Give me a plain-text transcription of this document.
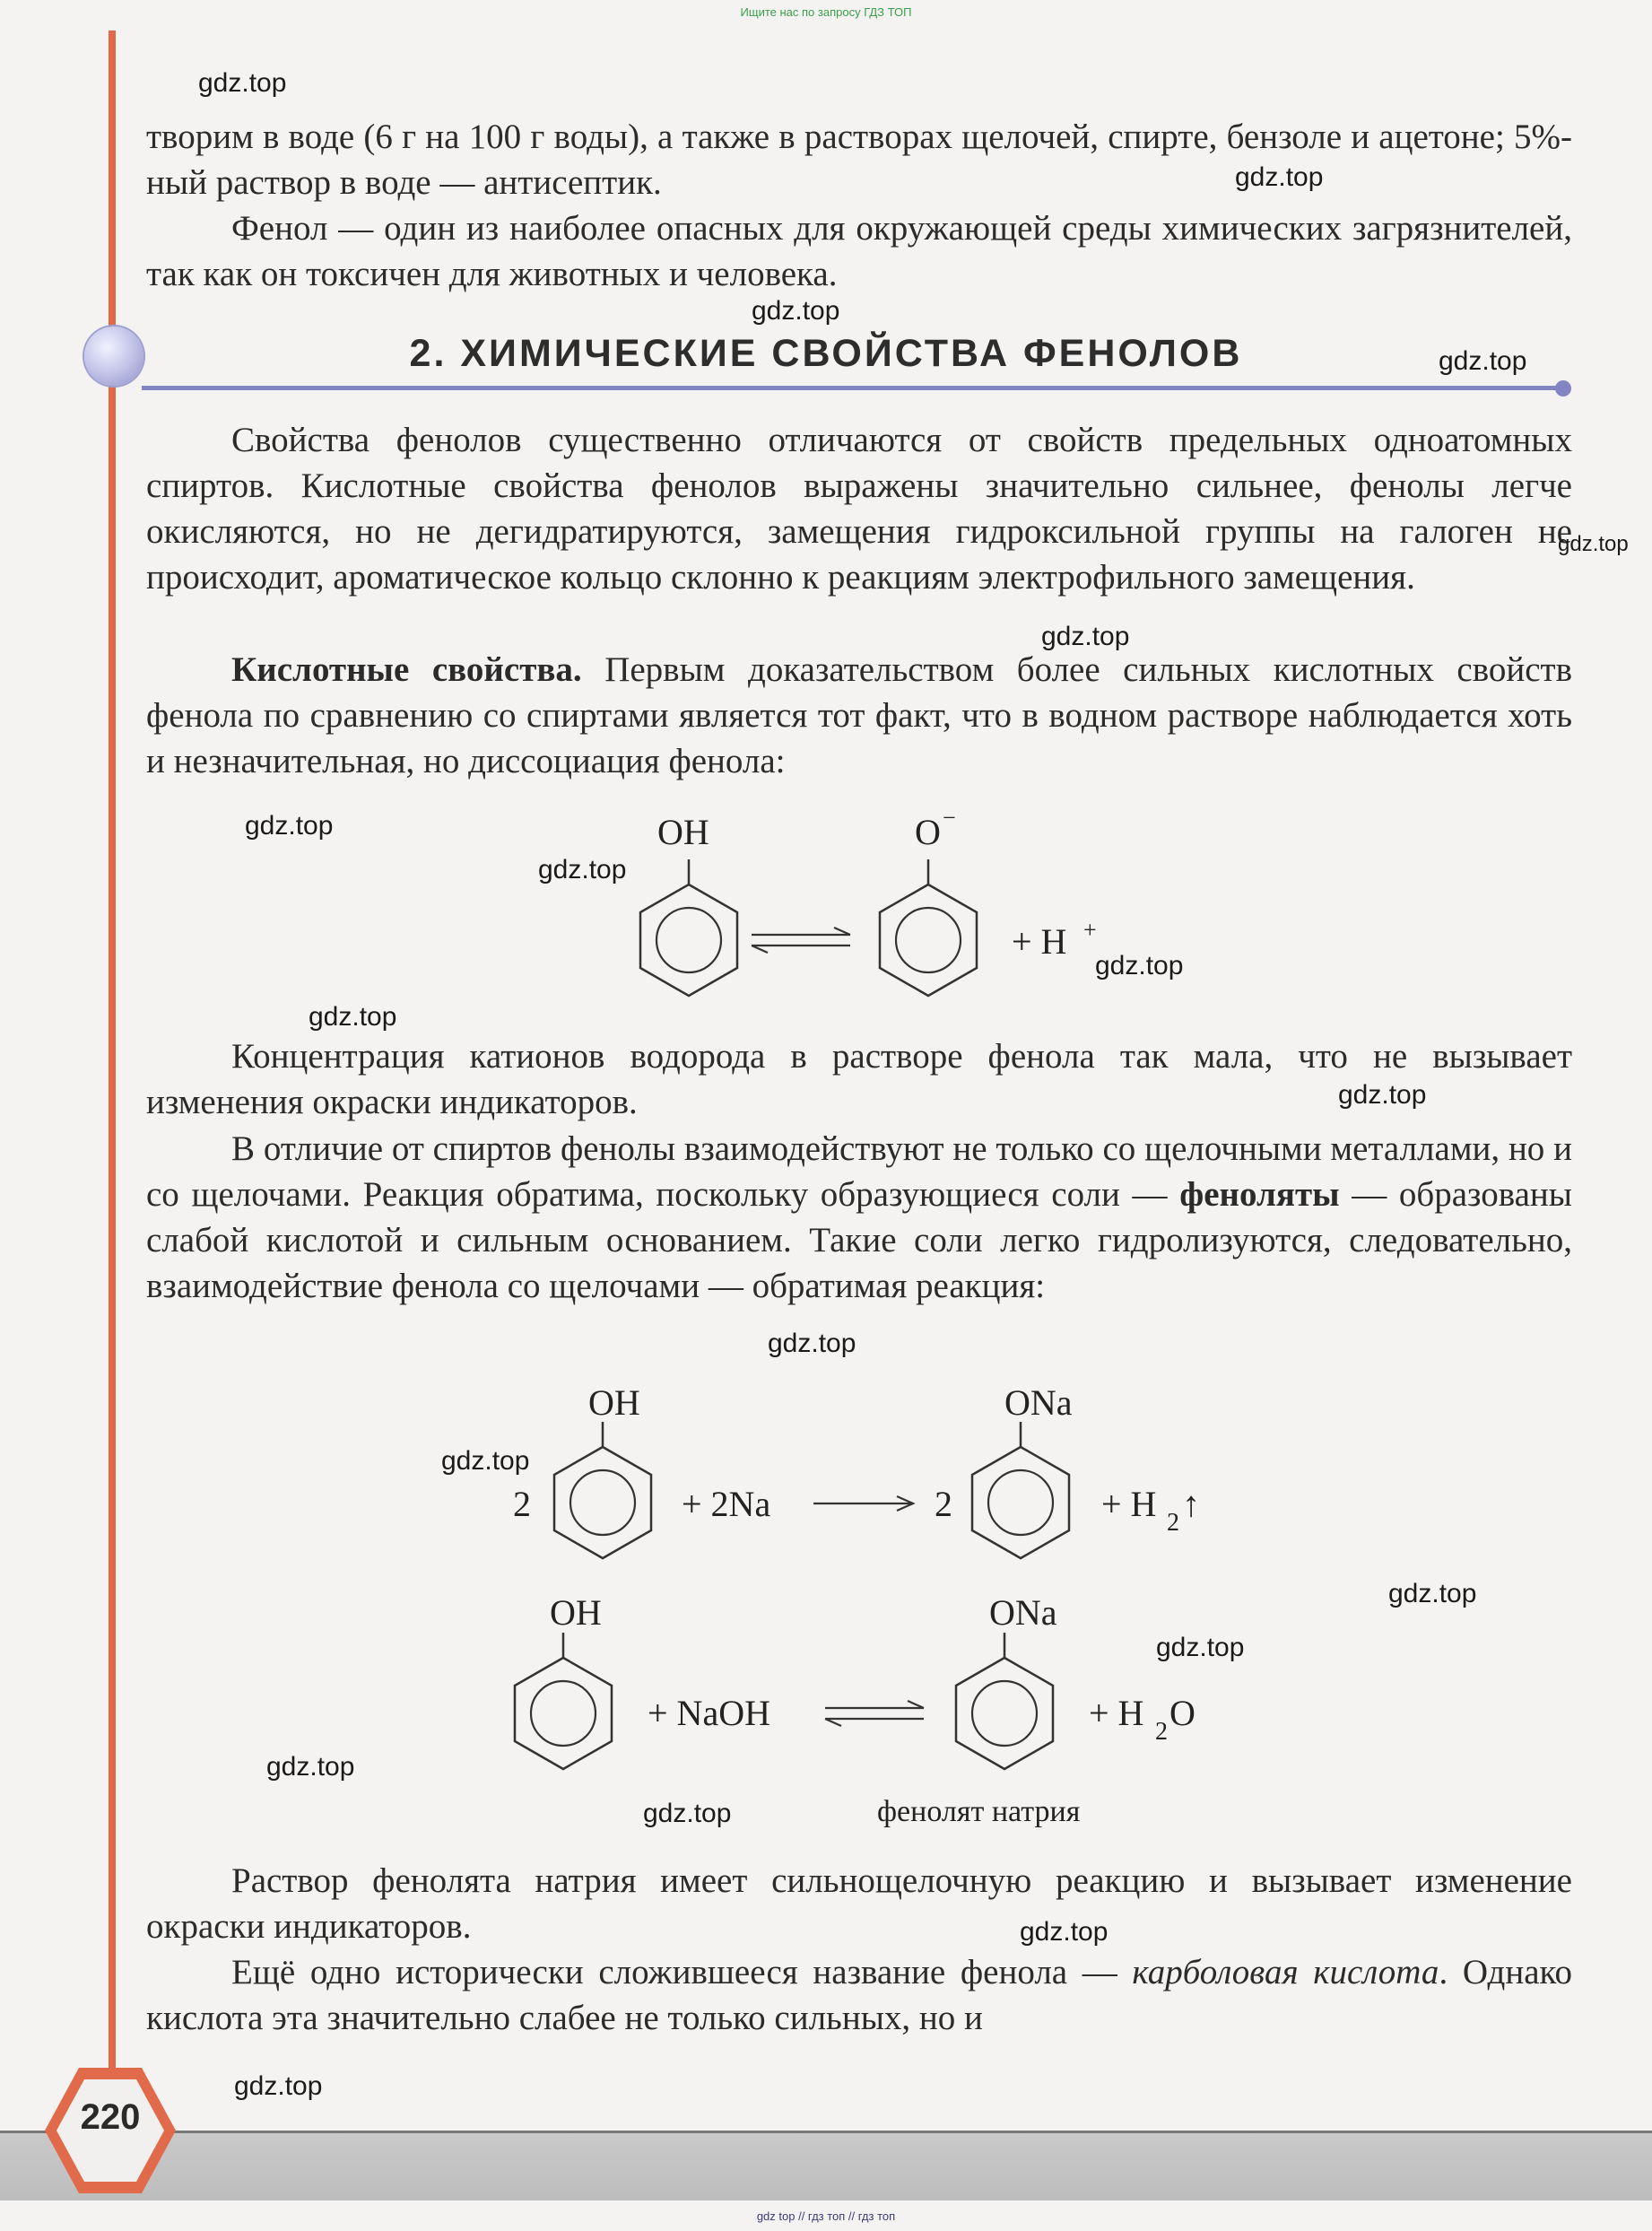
Ищите нас по запросу ГДЗ ТОП

творим в воде (6 г на 100 г воды), а также в растворах щелочей, спирте, бензоле и ацетоне; 5%-ный раствор в воде — антисептик.

Фенол — один из наиболее опасных для окружающей среды химических загрязнителей, так как он токсичен для животных и человека.

2. ХИМИЧЕСКИЕ СВОЙСТВА ФЕНОЛОВ

Свойства фенолов существенно отличаются от свойств предельных одноатомных спиртов. Кислотные свойства фенолов выражены значительно сильнее, фенолы легче окисляются, но не дегидратируются, замещения гидроксильной группы на галоген не происходит, ароматическое кольцо склонно к реакциям электрофильного замещения.

Кислотные свойства. Первым доказательством более сильных кислотных свойств фенола по сравнению со спиртами является тот факт, что в водном растворе наблюдается хоть и незначительная, но диссоциация фенола:

Концентрация катионов водорода в растворе фенола так мала, что не вызывает изменения окраски индикаторов.

В отличие от спиртов фенолы взаимодействуют не только со щелочными металлами, но и со щелочами. Реакция обратима, поскольку образующиеся соли — феноляты — образованы слабой кислотой и сильным основанием. Такие соли легко гидролизуются, следовательно, взаимодействие фенола со щелочами — обратимая реакция:

Раствор фенолята натрия имеет сильнощелочную реакцию и вызывает изменение окраски индикаторов.

Ещё одно исторически сложившееся название фенола — карболовая кислота. Однако кислота эта значительно слабее не только сильных, но и

OH	O −
+ H +
2
OH
+ 2Na	2
ONa
+ H 2 ↑
OH
+ NaOH
ONa
+ H 2 O
фенолят натрия
gdz.top
gdz.top
gdz.top
gdz.top
gdz.top
gdz.top
gdz.top
gdz.top
gdz.top
gdz.top
gdz.top
gdz.top
gdz.top
gdz.top
gdz.top
gdz.top
gdz.top
gdz.top
gdz.top
220
gdz top // гдз топ // гдз топ
